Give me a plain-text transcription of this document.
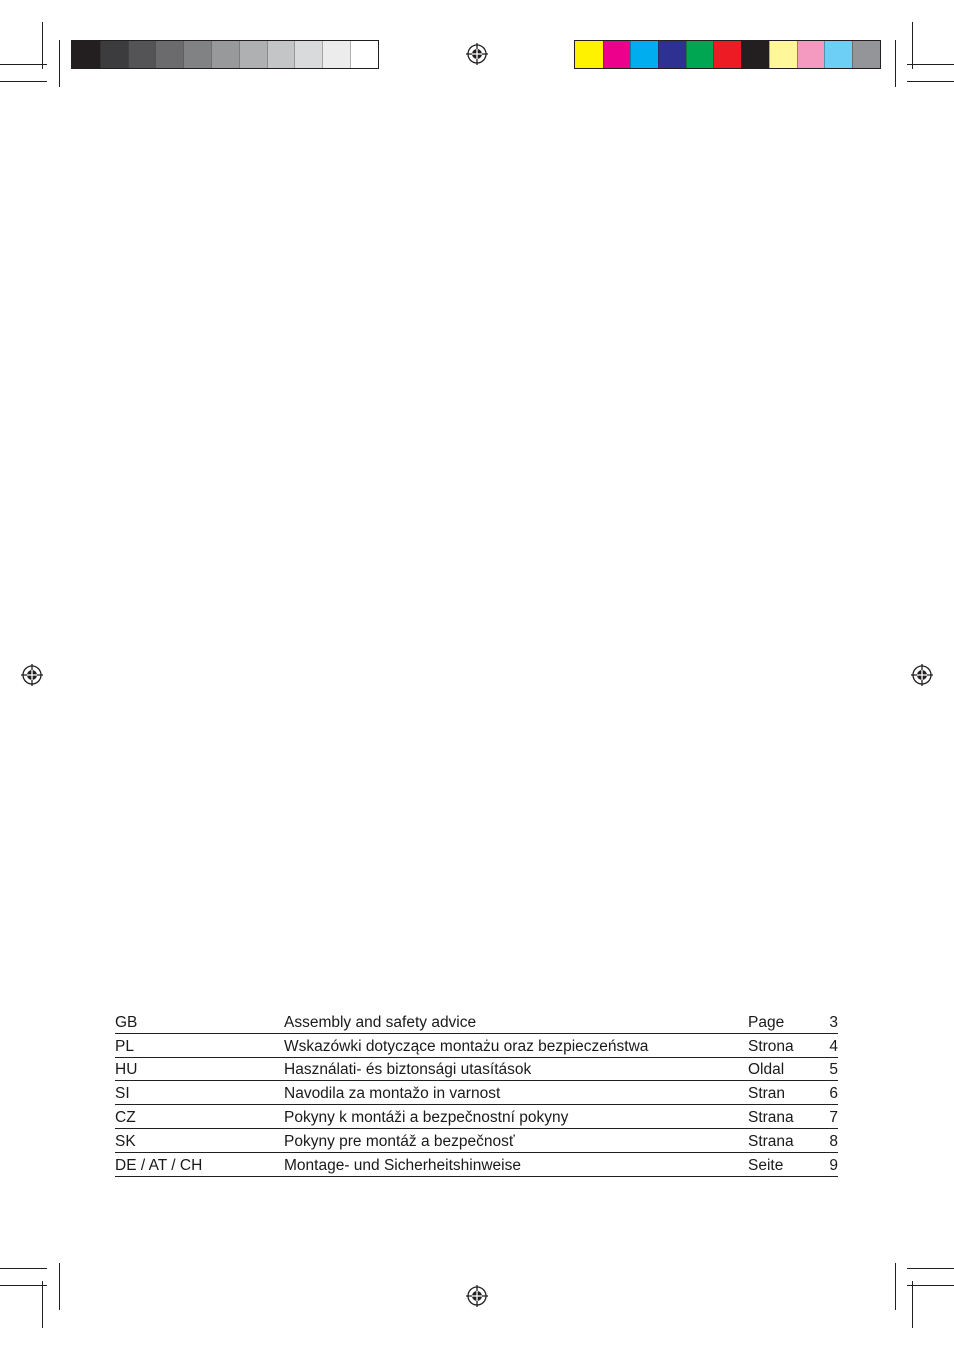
GB	Assembly and safety advice	Page	3
PL	Wskazówki dotyczące montażu oraz bezpieczeństwa	Strona	4
HU	Használati- és biztonsági utasítások	Oldal	5
SI	Navodila za montažo in varnost	Stran	6
CZ	Pokyny k montáži a bezpečnostní pokyny	Strana	7
SK	Pokyny pre montáž a bezpečnosť	Strana	8
DE / AT / CH	Montage- und Sicherheitshinweise	Seite	9
